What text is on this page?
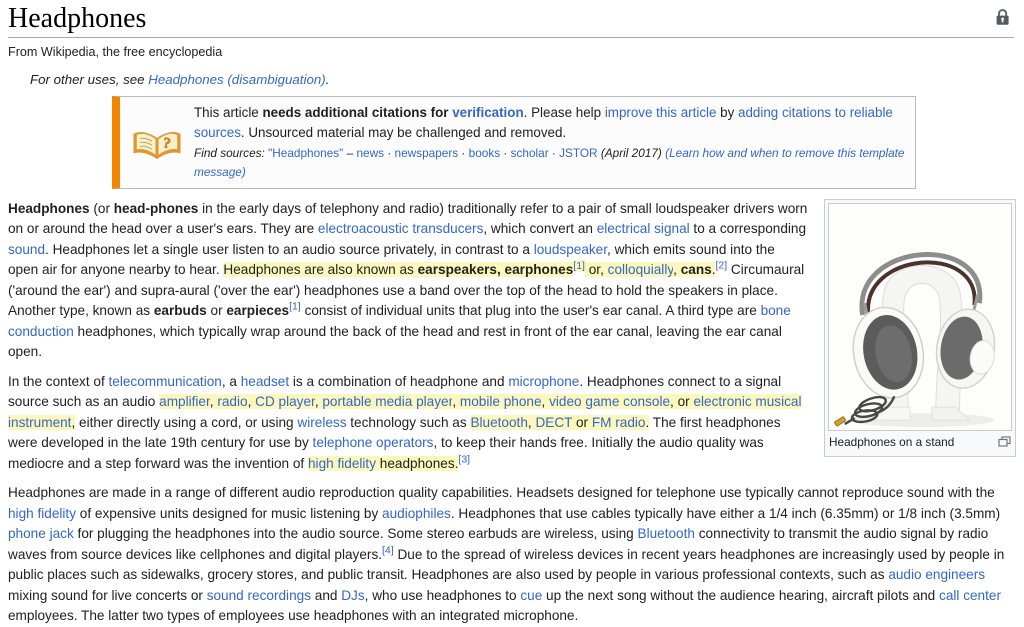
Headphones
From Wikipedia, the free encyclopedia
For other uses, see Headphones (disambiguation).
?
This article needs additional citations for verification. Please help improve this article by adding citations to reliable sources. Unsourced material may be challenged and removed.
Find sources: "Headphones" – news · newspapers · books · scholar · JSTOR (April 2017) (Learn how and when to remove this template message)
Headphones on a stand

Headphones (or head-phones in the early days of telephony and radio) traditionally refer to a pair of small loudspeaker drivers worn on or around the head over a user's ears. They are electroacoustic transducers, which convert an electrical signal to a corresponding sound. Headphones let a single user listen to an audio source privately, in contrast to a loudspeaker, which emits sound into the open air for anyone nearby to hear. Headphones are also known as earspeakers, earphones[1] or, colloquially, cans.[2] Circumaural ('around the ear') and supra-aural ('over the ear') headphones use a band over the top of the head to hold the speakers in place. Another type, known as earbuds or earpieces[1] consist of individual units that plug into the user's ear canal. A third type are bone conduction headphones, which typically wrap around the back of the head and rest in front of the ear canal, leaving the ear canal open.

In the context of telecommunication, a headset is a combination of headphone and microphone. Headphones connect to a signal source such as an audio amplifier, radio, CD player, portable media player, mobile phone, video game console, or electronic musical instrument, either directly using a cord, or using wireless technology such as Bluetooth, DECT or FM radio. The first headphones were developed in the late 19th century for use by telephone operators, to keep their hands free. Initially the audio quality was mediocre and a step forward was the invention of high fidelity headphones.[3]

Headphones are made in a range of different audio reproduction quality capabilities. Headsets designed for telephone use typically cannot reproduce sound with the high fidelity of expensive units designed for music listening by audiophiles. Headphones that use cables typically have either a 1/4 inch (6.35mm) or 1/8 inch (3.5mm) phone jack for plugging the headphones into the audio source. Some stereo earbuds are wireless, using Bluetooth connectivity to transmit the audio signal by radio waves from source devices like cellphones and digital players.[4] Due to the spread of wireless devices in recent years headphones are increasingly used by people in public places such as sidewalks, grocery stores, and public transit. Headphones are also used by people in various professional contexts, such as audio engineers mixing sound for live concerts or sound recordings and DJs, who use headphones to cue up the next song without the audience hearing, aircraft pilots and call center employees. The latter two types of employees use headphones with an integrated microphone.
